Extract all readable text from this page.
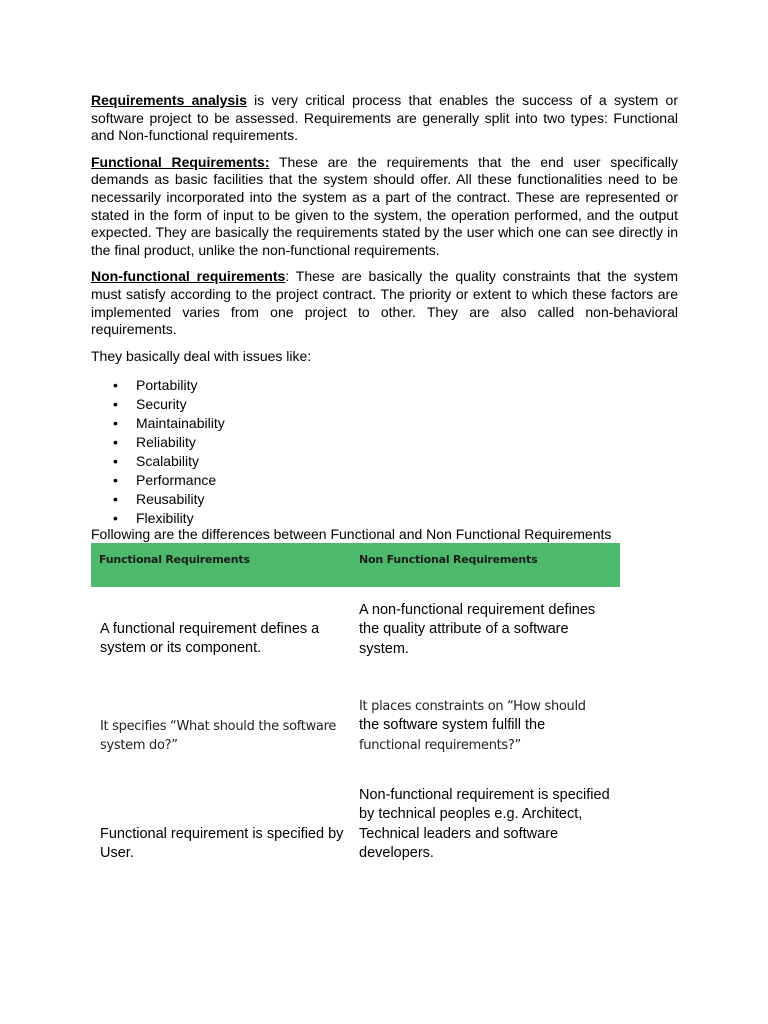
Requirements analysis is very critical process that enables the success of a system or software project to be assessed. Requirements are generally split into two types: Functional and Non-functional requirements.

Functional Requirements: These are the requirements that the end user specifically demands as basic facilities that the system should offer. All these functionalities need to be necessarily incorporated into the system as a part of the contract. These are represented or stated in the form of input to be given to the system, the operation performed, and the output expected. They are basically the requirements stated by the user which one can see directly in the final product, unlike the non-functional requirements.

Non-functional requirements: These are basically the quality constraints that the system must satisfy according to the project contract. The priority or extent to which these factors are implemented varies from one project to other. They are also called non-behavioral requirements.

They basically deal with issues like:

• Portability
• Security
• Maintainability
• Reliability
• Scalability
• Performance
• Reusability
• Flexibility

Following are the differences between Functional and Non Functional Requirements

Functional Requirements	Non Functional Requirements
A functional requirement defines a system or its component.
A non-functional requirement defines the quality attribute of a software system.
It specifies “What should the software system do?”
It places constraints on “How should
the software system fulfill the
functional requirements?”
Functional requirement is specified by User.
Non-functional requirement is specified by technical peoples e.g. Architect, Technical leaders and software developers.
